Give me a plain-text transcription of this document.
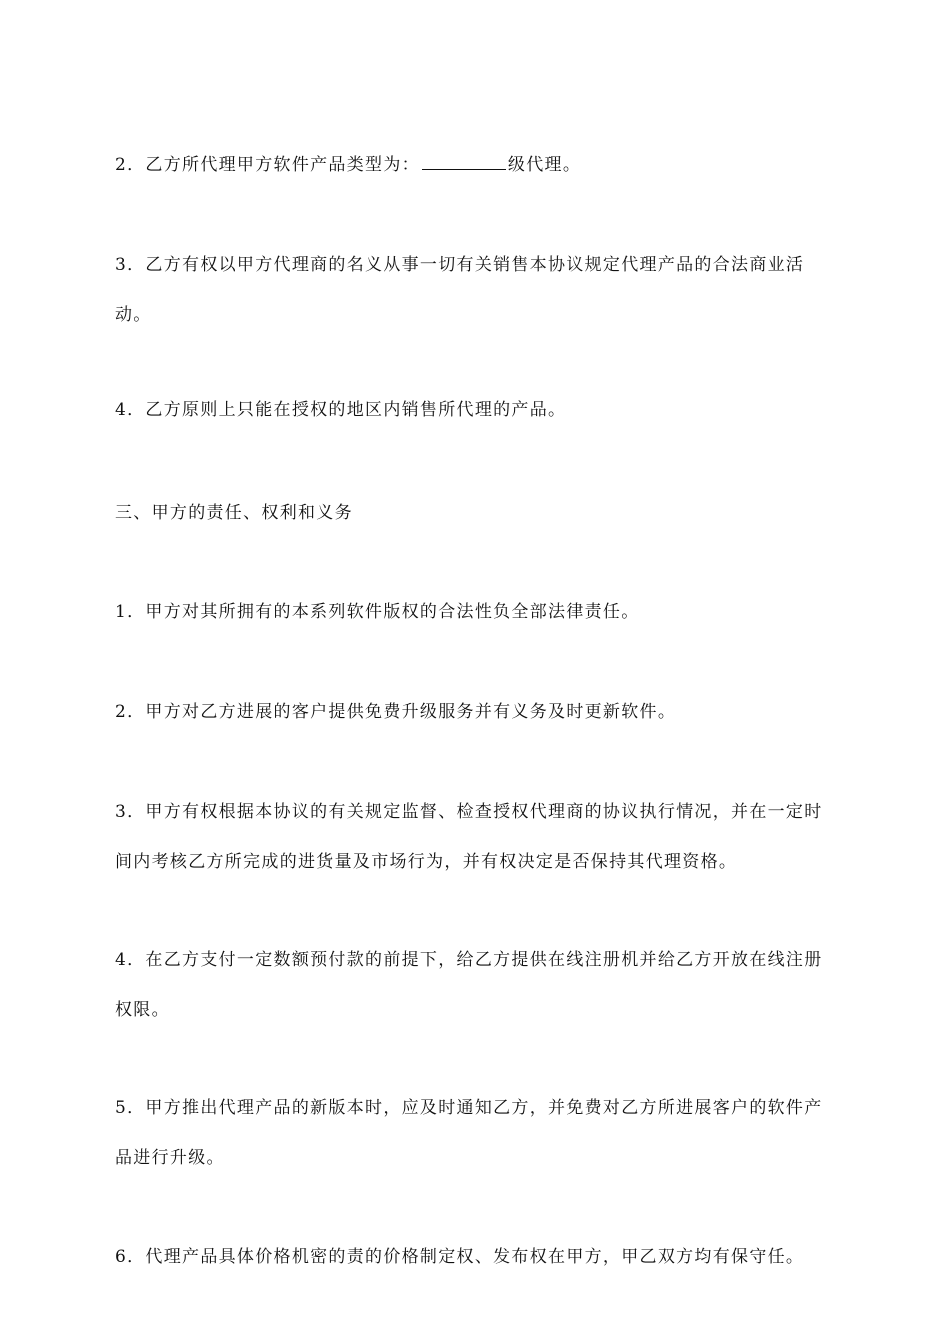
2．乙方所代理甲方软件产品类型为：	级代理。

3．乙方有权以甲方代理商的名义从事一切有关销售本协议规定代理产品的合法商业活动。

4．乙方原则上只能在授权的地区内销售所代理的产品。

三、甲方的责任、权利和义务

1．甲方对其所拥有的本系列软件版权的合法性负全部法律责任。

2．甲方对乙方进展的客户提供免费升级服务并有义务及时更新软件。

3．甲方有权根据本协议的有关规定监督、检查授权代理商的协议执行情况，并在一定时间内考核乙方所完成的进货量及市场行为，并有权决定是否保持其代理资格。

4．在乙方支付一定数额预付款的前提下，给乙方提供在线注册机并给乙方开放在线注册权限。

5．甲方推出代理产品的新版本时，应及时通知乙方，并免费对乙方所进展客户的软件产品进行升级。

6．代理产品具体价格机密的责的价格制定权、发布权在甲方，甲乙双方均有保守任。
